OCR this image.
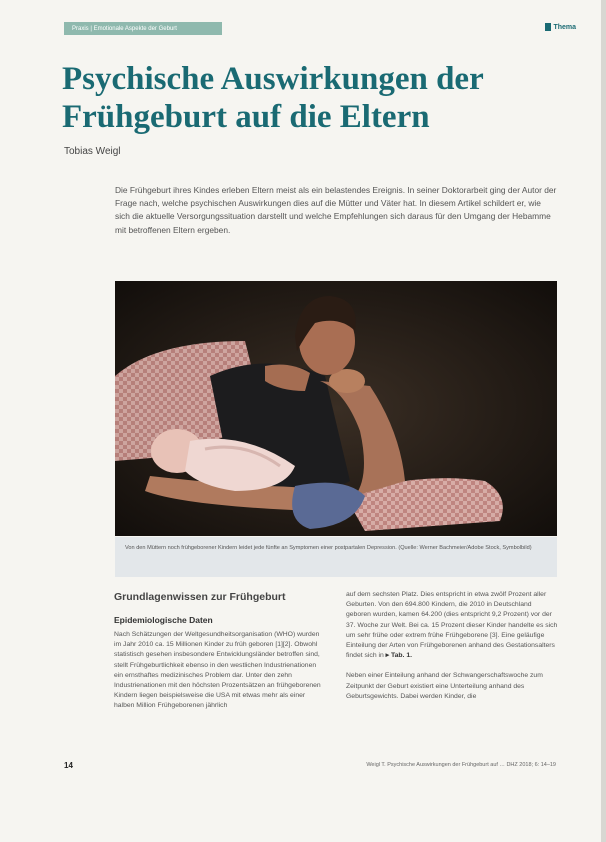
Praxis | Emotionale Aspekte der Geburt	Thema
Psychische Auswirkungen der
Frühgeburt auf die Eltern
Tobias Weigl

Die Frühgeburt ihres Kindes erleben Eltern meist als ein belastendes Ereignis. In seiner Doktorarbeit ging der Autor der Frage nach, welche psychischen Auswirkungen dies auf die Mütter und Väter hat. In diesem Artikel schildert er, wie sich die aktuelle Versorgungssituation darstellt und welche Empfehlungen sich daraus für den Umgang der Hebamme mit betroffenen Eltern ergeben.

Von den Müttern noch frühgeborener Kindern leidet jede fünfte an Symptomen einer postpartalen Depression. (Quelle: Werner Bachmeier/Adobe Stock, Symbolbild)
Grundlagenwissen zur Frühgeburt
Epidemiologische Daten

Nach Schätzungen der Weltgesundheitsorganisation (WHO) wurden im Jahr 2010 ca. 15 Millionen Kinder zu früh geboren [1][2]. Obwohl statistisch gesehen insbesondere Entwicklungsländer betroffen sind, stellt Frühgeburtlichkeit ebenso in den westlichen Industrienationen ein ernsthaftes medizinisches Problem dar. Unter den zehn Industrienationen mit den höchsten Prozentsätzen an frühgeborenen Kindern liegen beispielsweise die USA mit etwas mehr als einer halben Million Frühgeborenen jährlich

auf dem sechsten Platz. Dies entspricht in etwa zwölf Prozent aller Geburten. Von den 694.800 Kindern, die 2010 in Deutschland geboren wurden, kamen 64.200 (dies entspricht 9,2 Prozent) vor der 37. Woche zur Welt. Bei ca. 15 Prozent dieser Kinder handelte es sich um sehr frühe oder extrem frühe Frühgeborene [3]. Eine geläufige Einteilung der Arten von Frühgeborenen anhand des Gestationsalters findet sich in ▸ Tab. 1.

Neben einer Einteilung anhand der Schwangerschaftswoche zum Zeitpunkt der Geburt existiert eine Unterteilung anhand des Geburtsgewichts. Dabei werden Kinder, die

14	Weigl T. Psychische Auswirkungen der Frühgeburt auf … DHZ 2018; 6: 14–19
